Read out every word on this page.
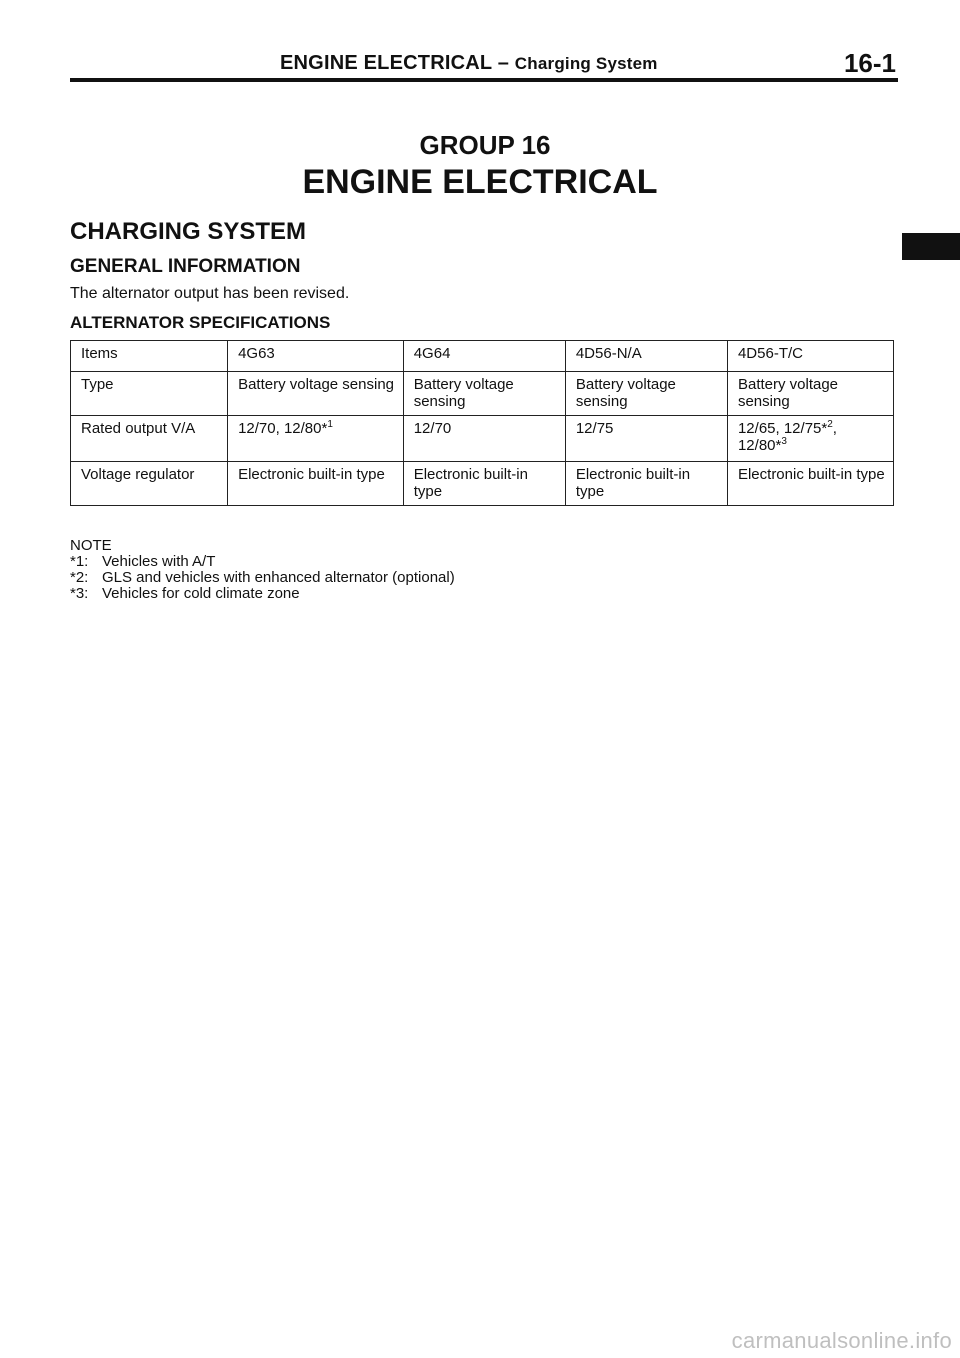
ENGINE ELECTRICAL – Charging System	16-1
GROUP 16
ENGINE ELECTRICAL
CHARGING SYSTEM
GENERAL INFORMATION
The alternator output has been revised.
ALTERNATOR SPECIFICATIONS
Items	4G63	4G64	4D56-N/A	4D56-T/C
Type	Battery voltage sensing	Battery voltage sensing	Battery voltage sensing	Battery voltage sensing
Rated output V/A	12/70, 12/80*$^1$	12/70	12/75	12/65, 12/75*$^2$, 12/80*$^3$
Voltage regulator	Electronic built-in type	Electronic built-in type	Electronic built-in type	Electronic built-in type
NOTE
*1: Vehicles with A/T
*2: GLS and vehicles with enhanced alternator (optional)
*3: Vehicles for cold climate zone
carmanualsonline.info
